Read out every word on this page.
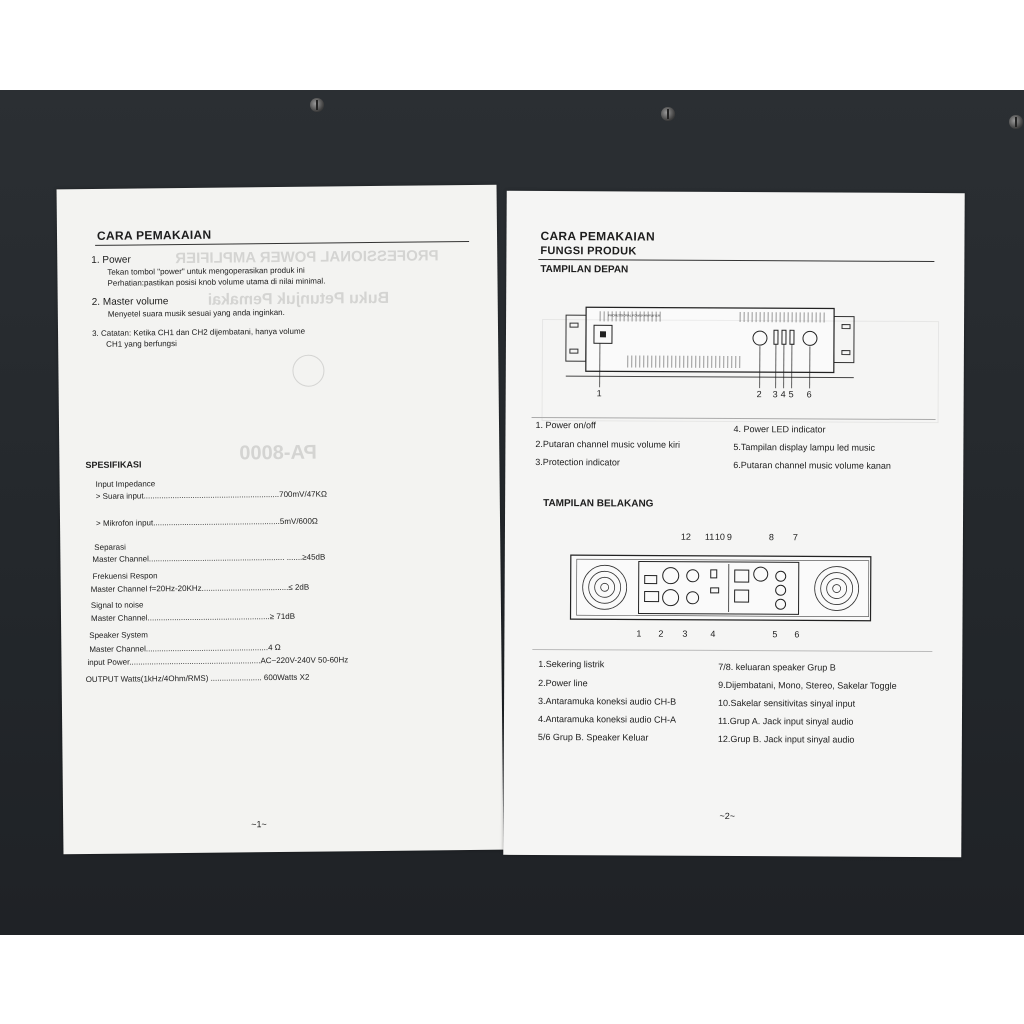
PROFESSIONAL POWER AMPLIFIER
Buku Petunjuk Pemakai
PA-8000
CARA PEMAKAIAN
1. Power
Tekan tombol "power" untuk mengoperasikan produk ini
Perhatian:pastikan posisi knob volume utama di nilai minimal.
2. Master volume
Menyetel suara musik sesuai yang anda inginkan.
3. Catatan: Ketika CH1 dan CH2 dijembatani, hanya volume
CH1 yang berfungsi
SPESIFIKASI
Input Impedance
> Suara input.............................................................700mV/47KΩ
> Mikrofon input.........................................................5mV/600Ω
Separasi
Master Channel............................................................. .......≥45dB
Frekuensi Respon
Master Channel f=20Hz-20KHz.......................................≤ 2dB
Signal to noise
Master Channel.......................................................≥ 71dB
Speaker System
Master Channel.......................................................4 Ω
input Power...........................................................AC~220V-240V 50-60Hz
OUTPUT Watts(1kHz/4Ohm/RMS) ....................... 600Watts X2
~1~
CARA PEMAKAIAN
FUNGSI PRODUK
TAMPILAN DEPAN
PROFESSIONAL POWER AMPLIFIER
1	2 3 4 5 6
1. Power on/off
2.Putaran channel music volume kiri
3.Protection indicator
4. Power LED indicator
5.Tampilan display lampu led music
6.Putaran channel music volume kanan
TAMPILAN BELAKANG
12 11 10 9	8 7
1 2 3	4	5 6
1.Sekering listrik
2.Power line
3.Antaramuka koneksi audio CH-B
4.Antaramuka koneksi audio CH-A
5/6 Grup B. Speaker Keluar
7/8. keluaran speaker Grup B
9.Dijembatani, Mono, Stereo, Sakelar Toggle
10.Sakelar sensitivitas sinyal input
11.Grup A. Jack input sinyal audio
12.Grup B. Jack input sinyal audio
~2~
